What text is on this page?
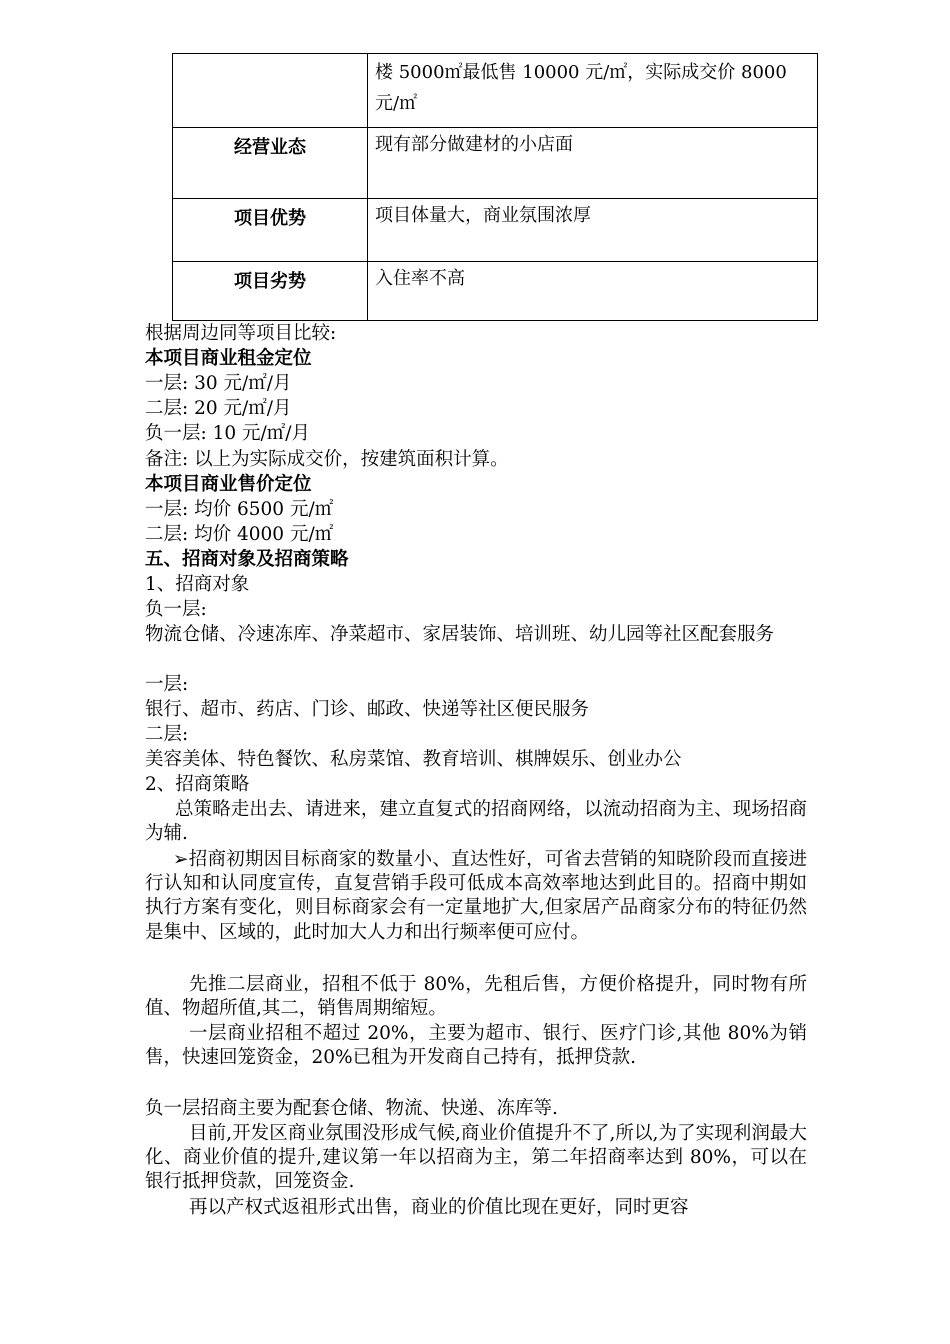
楼 5000㎡最低售 10000 元/㎡，实际成交价 8000 元/㎡
经营业态	现有部分做建材的小店面
项目优势	项目体量大，商业氛围浓厚
项目劣势	入住率不高
根据周边同等项目比较:
本项目商业租金定位
一层: 30 元/㎡/月
二层: 20 元/㎡/月
负一层: 10 元/㎡/月
备注: 以上为实际成交价，按建筑面积计算。
本项目商业售价定位
一层: 均价 6500 元/㎡
二层: 均价 4000 元/㎡
五、招商对象及招商策略
1、招商对象
负一层:
物流仓储、冷速冻库、净菜超市、家居装饰、培训班、幼儿园等社区配套服务
一层:
银行、超市、药店、门诊、邮政、快递等社区便民服务
二层:
美容美体、特色餐饮、私房菜馆、教育培训、棋牌娱乐、创业办公
2、招商策略
总策略走出去、请进来，建立直复式的招商网络，以流动招商为主、现场招商为辅.
➢招商初期因目标商家的数量小、直达性好，可省去营销的知晓阶段而直接进行认知和认同度宣传，直复营销手段可低成本高效率地达到此目的。招商中期如执行方案有变化，则目标商家会有一定量地扩大,但家居产品商家分布的特征仍然是集中、区域的，此时加大人力和出行频率便可应付。
先推二层商业，招租不低于 80%，先租后售，方便价格提升，同时物有所值、物超所值,其二，销售周期缩短。
一层商业招租不超过 20%，主要为超市、银行、医疗门诊,其他 80%为销售，快速回笼资金，20%已租为开发商自己持有，抵押贷款.
负一层招商主要为配套仓储、物流、快递、冻库等.
目前,开发区商业氛围没形成气候,商业价值提升不了,所以,为了实现利润最大化、商业价值的提升,建议第一年以招商为主，第二年招商率达到 80%，可以在银行抵押贷款，回笼资金.
再以产权式返祖形式出售，商业的价值比现在更好，同时更容
